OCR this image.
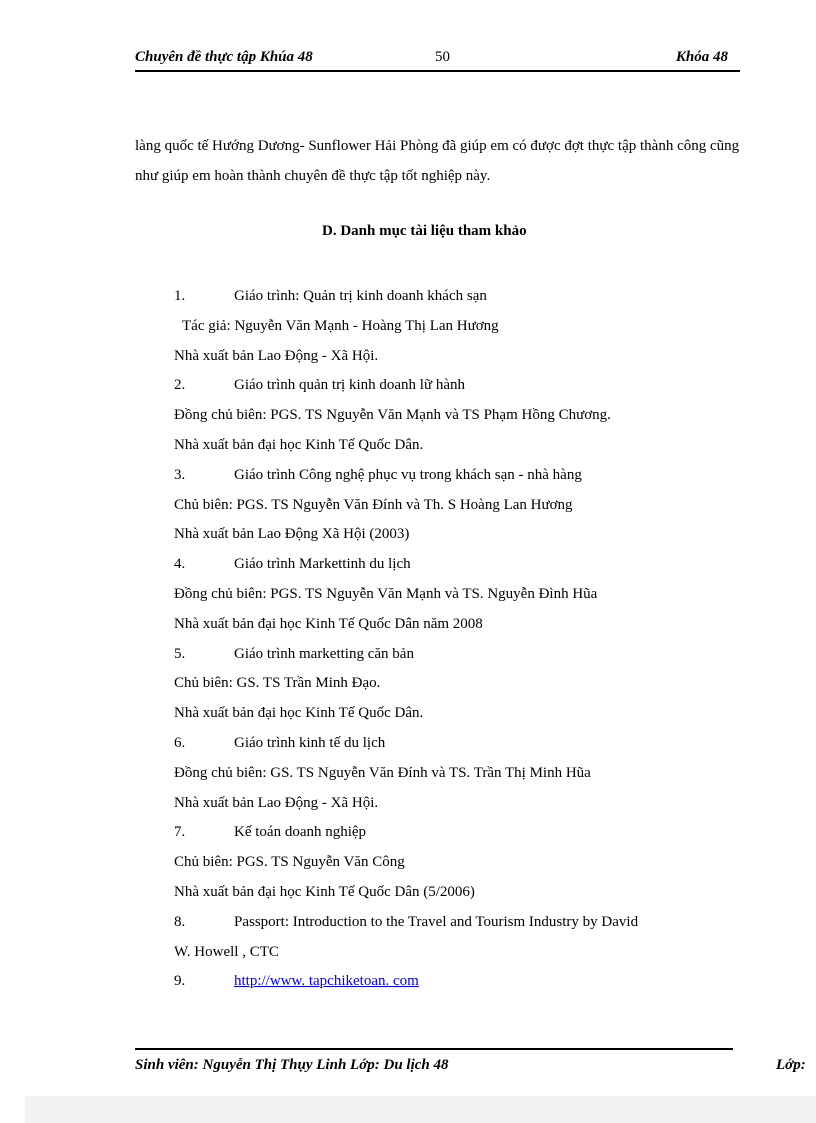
Chuyên đề thực tập Khúa 48	50	Khóa 48

làng quốc tế Hướng Dương- Sunflower Hải Phòng đã giúp em có được đợt thực tập thành công cũng như giúp em hoàn thành chuyên đề thực tập tốt nghiệp này.

D. Danh mục tài liệu tham khảo
1.	Giáo trình: Quản trị kinh doanh khách sạn
Tác giả: Nguyễn Văn Mạnh - Hoàng Thị Lan Hương
Nhà xuất bản Lao Động - Xã Hội.
2.	Giáo trình quản trị kinh doanh lữ hành
Đồng chủ biên: PGS. TS Nguyễn Văn Mạnh và TS Phạm Hồng Chương.
Nhà xuất bản đại học Kinh Tế Quốc Dân.
3.	Giáo trình Công nghệ phục vụ trong khách sạn - nhà hàng
Chủ biên: PGS. TS Nguyễn Văn Đính và Th. S Hoàng Lan Hương
Nhà xuất bản Lao Động Xã Hội (2003)
4.	Giáo trình Markettinh du lịch
Đồng chủ biên: PGS. TS Nguyễn Văn Mạnh và TS. Nguyễn Đình Hũa
Nhà xuất bản đại học Kinh Tế Quốc Dân năm 2008
5.	Giáo trình marketting căn bản
Chủ biên: GS. TS Trần Minh Đạo.
Nhà xuất bản đại học Kinh Tế Quốc Dân.
6.	Giáo trình kinh tế du lịch
Đồng chủ biên: GS. TS Nguyễn Văn Đính và TS. Trần Thị Minh Hũa
Nhà xuất bản Lao Động - Xã Hội.
7.	Kế toán doanh nghiệp
Chủ biên: PGS. TS Nguyễn Văn Công
Nhà xuất bản đại học Kinh Tế Quốc Dân (5/2006)
8.	Passport: Introduction to the Travel and Tourism Industry by David
W. Howell , CTC
9.	http://www. tapchiketoan. com
Sinh viên: Nguyễn Thị Thụy Linh Lớp: Du lịch 48	Lớp:
